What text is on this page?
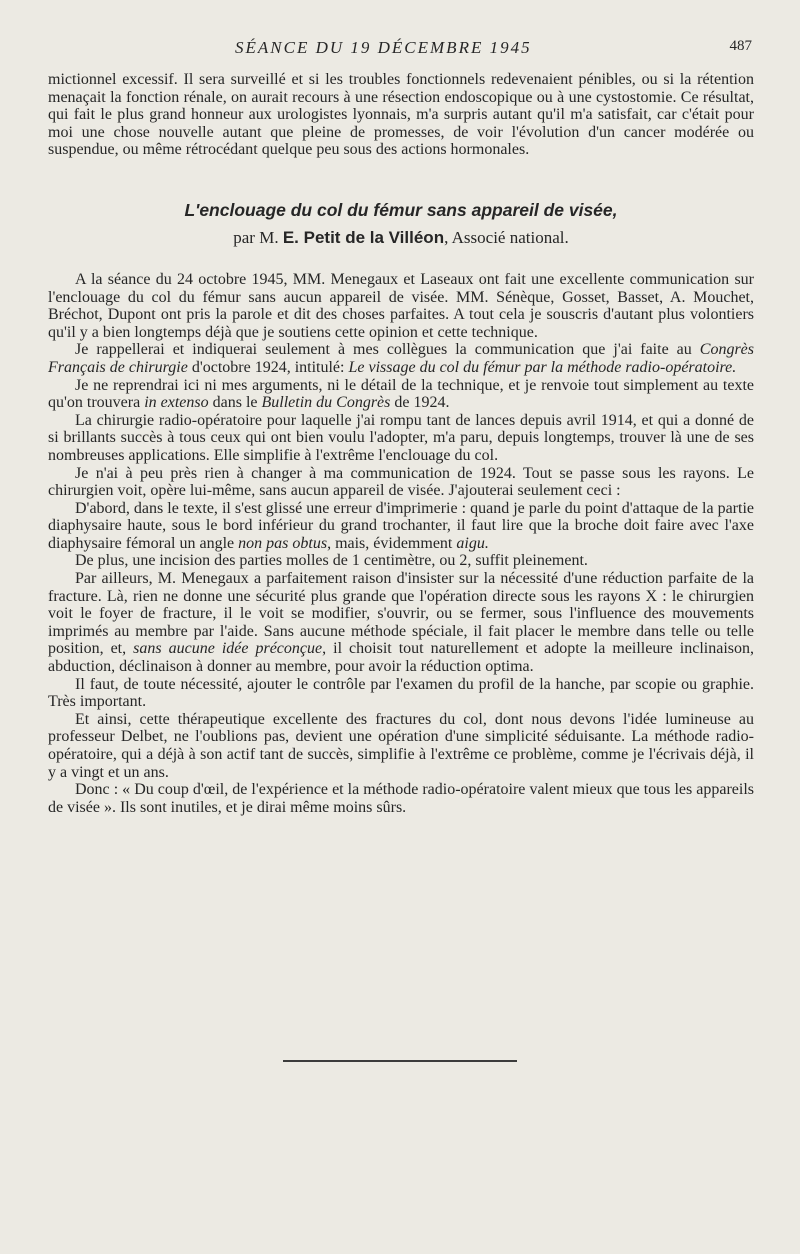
SÉANCE DU 19 DÉCEMBRE 1945	487

mictionnel excessif. Il sera surveillé et si les troubles fonctionnels redevenaient pénibles, ou si la rétention menaçait la fonction rénale, on aurait recours à une résection endoscopique ou à une cystostomie. Ce résultat, qui fait le plus grand honneur aux urologistes lyonnais, m'a surpris autant qu'il m'a satisfait, car c'était pour moi une chose nouvelle autant que pleine de promesses, de voir l'évolution d'un cancer modérée ou suspendue, ou même rétrocédant quelque peu sous des actions hormonales.

L'enclouage du col du fémur sans appareil de visée,
par M. E. Petit de la Villéon, Associé national.

A la séance du 24 octobre 1945, MM. Menegaux et Laseaux ont fait une excellente communication sur l'enclouage du col du fémur sans aucun appareil de visée. MM. Sénèque, Gosset, Basset, A. Mouchet, Bréchot, Dupont ont pris la parole et dit des choses parfaites. A tout cela je souscris d'autant plus volontiers qu'il y a bien longtemps déjà que je soutiens cette opinion et cette technique.

Je rappellerai et indiquerai seulement à mes collègues la communication que j'ai faite au Congrès Français de chirurgie d'octobre 1924, intitulé: Le vissage du col du fémur par la méthode radio-opératoire.

Je ne reprendrai ici ni mes arguments, ni le détail de la technique, et je renvoie tout simplement au texte qu'on trouvera in extenso dans le Bulletin du Congrès de 1924.

La chirurgie radio-opératoire pour laquelle j'ai rompu tant de lances depuis avril 1914, et qui a donné de si brillants succès à tous ceux qui ont bien voulu l'adopter, m'a paru, depuis longtemps, trouver là une de ses nombreuses applications. Elle simplifie à l'extrême l'enclouage du col.

Je n'ai à peu près rien à changer à ma communication de 1924. Tout se passe sous les rayons. Le chirurgien voit, opère lui-même, sans aucun appareil de visée. J'ajouterai seulement ceci :

D'abord, dans le texte, il s'est glissé une erreur d'imprimerie : quand je parle du point d'attaque de la partie diaphysaire haute, sous le bord inférieur du grand trochanter, il faut lire que la broche doit faire avec l'axe diaphysaire fémoral un angle non pas obtus, mais, évidemment aigu.

De plus, une incision des parties molles de 1 centimètre, ou 2, suffit pleinement.

Par ailleurs, M. Menegaux a parfaitement raison d'insister sur la nécessité d'une réduction parfaite de la fracture. Là, rien ne donne une sécurité plus grande que l'opération directe sous les rayons X : le chirurgien voit le foyer de fracture, il le voit se modifier, s'ouvrir, ou se fermer, sous l'influence des mouvements imprimés au membre par l'aide. Sans aucune méthode spéciale, il fait placer le membre dans telle ou telle position, et, sans aucune idée préconçue, il choisit tout naturellement et adopte la meilleure inclinaison, abduction, déclinaison à donner au membre, pour avoir la réduction optima.

Il faut, de toute nécessité, ajouter le contrôle par l'examen du profil de la hanche, par scopie ou graphie. Très important.

Et ainsi, cette thérapeutique excellente des fractures du col, dont nous devons l'idée lumineuse au professeur Delbet, ne l'oublions pas, devient une opération d'une simplicité séduisante. La méthode radio-opératoire, qui a déjà à son actif tant de succès, simplifie à l'extrême ce problème, comme je l'écrivais déjà, il y a vingt et un ans.

Donc : « Du coup d'œil, de l'expérience et la méthode radio-opératoire valent mieux que tous les appareils de visée ». Ils sont inutiles, et je dirai même moins sûrs.
